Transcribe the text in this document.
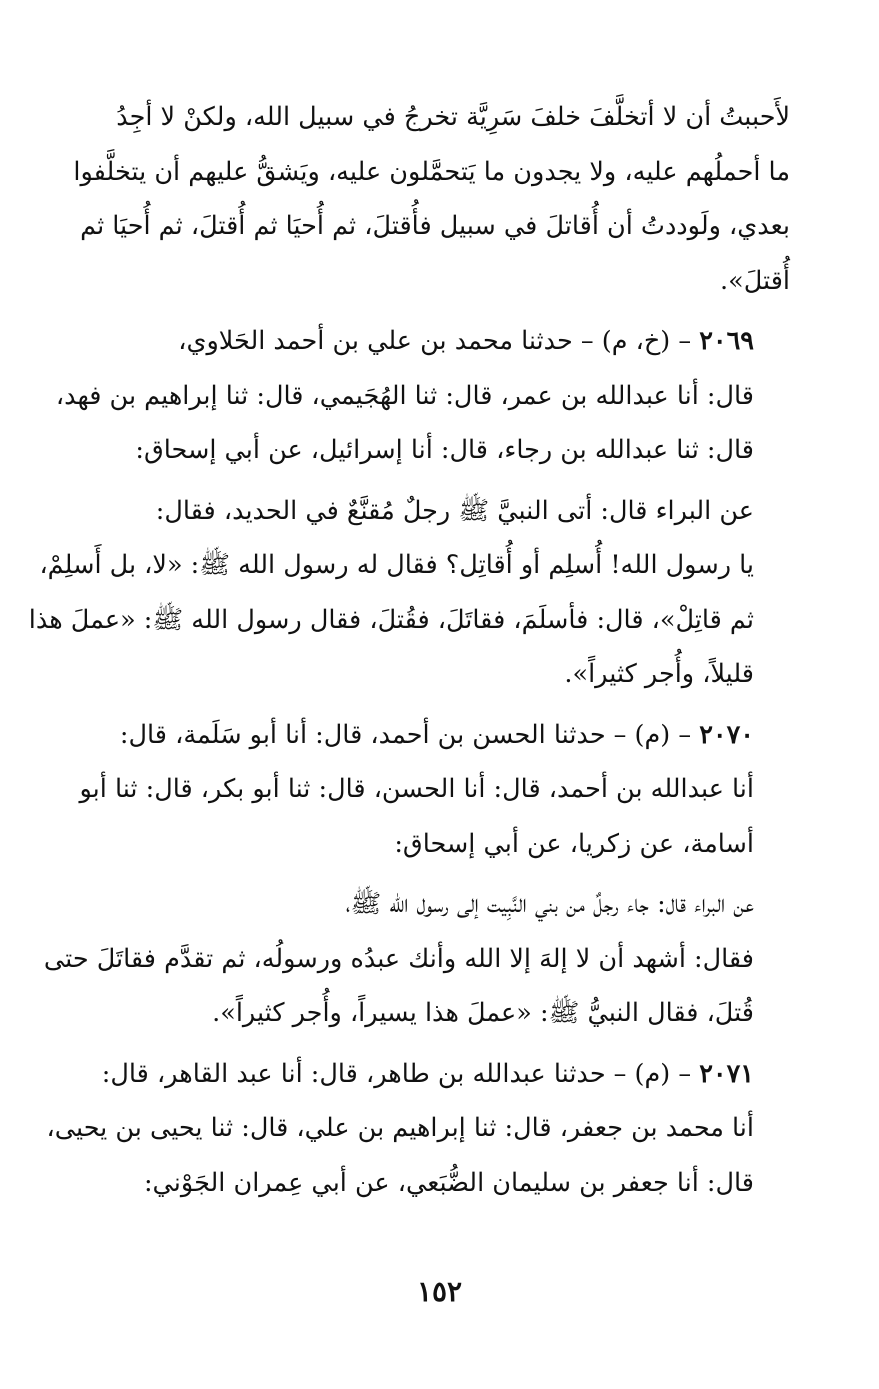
لأَحببتُ أن لا أتخلَّفَ خلفَ سَرِيَّة تخرجُ في سبيل الله، ولكنْ لا أجِدُ
ما أحملُهم عليه، ولا يجدون ما يَتحمَّلون عليه، ويَشقُّ عليهم أن يتخلَّفوا
بعدي، ولَوددتُ أن أُقاتلَ في سبيل فأُقتلَ، ثم أُحيَا ثم أُقتلَ، ثم أُحيَا ثم
أُقتلَ».
٢٠٦٩ – (خ، م) – حدثنا محمد بن علي بن أحمد الحَلاوي،
قال: أنا عبدالله بن عمر، قال: ثنا الهُجَيمي، قال: ثنا إبراهيم بن فهد،
قال: ثنا عبدالله بن رجاء، قال: أنا إسرائيل، عن أبي إسحاق:
عن البراء قال: أتى النبيَّ ﷺ رجلٌ مُقنَّعٌ في الحديد، فقال:
يا رسول الله! أُسلِم أو أُقاتِل؟ فقال له رسول الله ﷺ: «لا، بل أَسلِمْ،
ثم قاتِلْ»، قال: فأسلَمَ، فقاتَلَ، فقُتلَ، فقال رسول الله ﷺ: «عملَ هذا
قليلاً، وأُجر كثيراً».
٢٠٧٠ – (م) – حدثنا الحسن بن أحمد، قال: أنا أبو سَلَمة، قال:
أنا عبدالله بن أحمد، قال: أنا الحسن، قال: ثنا أبو بكر، قال: ثنا أبو
أسامة، عن زكريا، عن أبي إسحاق:
عن البراء قال: جاء رجلٌ من بني النَّبِيت إلى رسول الله ﷺ،
فقال: أشهد أن لا إلهَ إلا الله وأنك عبدُه ورسولُه، ثم تقدَّم فقاتَلَ حتى
قُتلَ، فقال النبيُّ ﷺ: «عملَ هذا يسيراً، وأُجر كثيراً».
٢٠٧١ – (م) – حدثنا عبدالله بن طاهر، قال: أنا عبد القاهر، قال:
أنا محمد بن جعفر، قال: ثنا إبراهيم بن علي، قال: ثنا يحيى بن يحيى،
قال: أنا جعفر بن سليمان الضُّبَعي، عن أبي عِمران الجَوْني:
١٥٢
